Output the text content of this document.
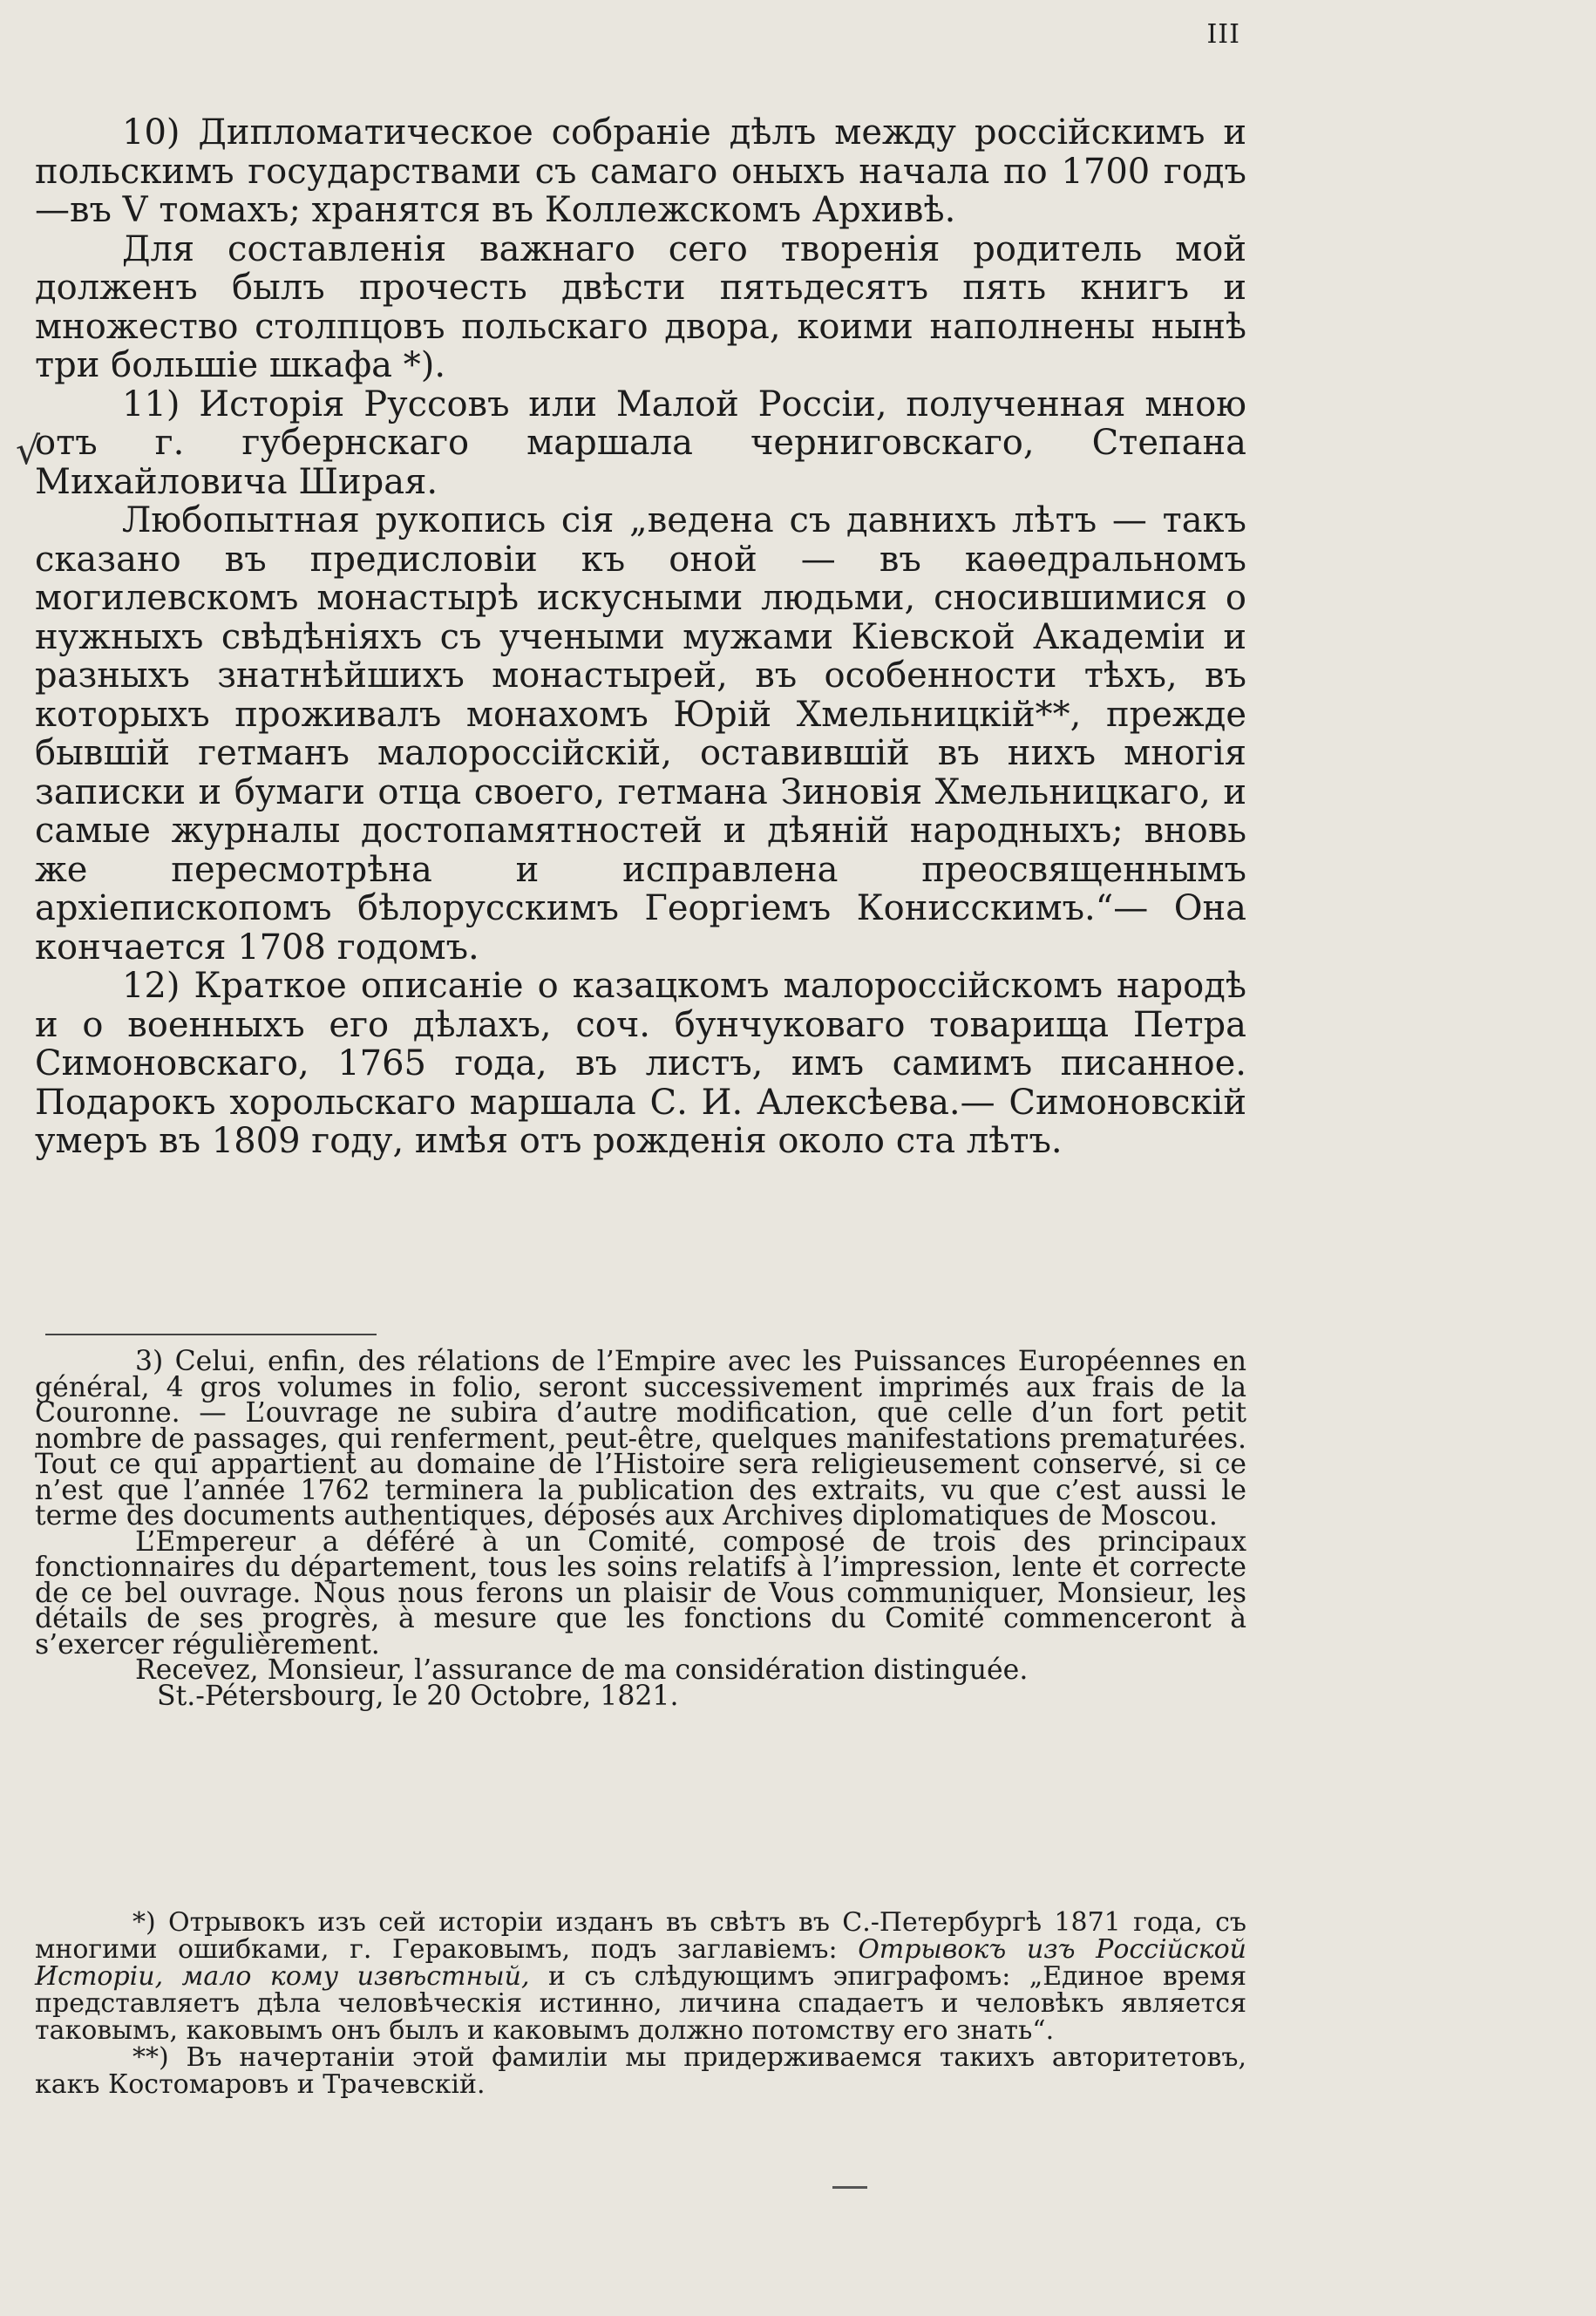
III
√

10) Дипломатическое собраніе дѣлъ между россійскимъ и польскимъ государствами съ самаго оныхъ начала по 1700 годъ—въ V томахъ; хранятся въ Коллежскомъ Архивѣ.

Для составленія важнаго сего творенія родитель мой долженъ былъ прочесть двѣсти пятьдесятъ пять книгъ и множество столпцовъ польскаго двора, коими наполнены нынѣ три большіе шкафа *).

11) Исторія Руссовъ или Малой Россіи, полученная мною отъ г. губернскаго маршала черниговскаго, Степана Михайловича Ширая.

Любопытная рукопись сія „ведена съ давнихъ лѣтъ — такъ сказано въ предисловіи къ оной — въ каѳедральномъ могилевскомъ монастырѣ искусными людьми, сносившимися о нужныхъ свѣдѣніяхъ съ учеными мужами Кіевской Академіи и разныхъ знатнѣйшихъ монастырей, въ особенности тѣхъ, въ которыхъ проживалъ монахомъ Юрій Хмельницкій**, прежде бывшій гетманъ малороссійскій, оставившій въ нихъ многія записки и бумаги отца своего, гетмана Зиновія Хмельницкаго, и самые журналы достопамятностей и дѣяній народныхъ; вновь же пересмотрѣна и исправлена преосвященнымъ архіепископомъ бѣлорусскимъ Георгіемъ Конисскимъ.“— Она кончается 1708 годомъ.

12) Краткое описаніе о казацкомъ малороссійскомъ народѣ и о военныхъ его дѣлахъ, соч. бунчуковаго товарища Петра Симоновскаго, 1765 года, въ листъ, имъ самимъ писанное. Подарокъ хорольскаго маршала С. И. Алексѣева.— Симоновскій умеръ въ 1809 году, имѣя отъ рожденія около ста лѣтъ.

3) Celui, enfin, des rélations de l’Empire avec les Puissances Européennes en général, 4 gros volumes in folio, seront successivement imprimés aux frais de la Couronne. — L’ouvrage ne subira d’autre modification, que celle d’un fort petit nombre de passages, qui renferment, peut-être, quelques manifestations prematurées. Tout ce qui appartient au domaine de l’Histoire sera religieusement conservé, si ce n’est que l’année 1762 terminera la publication des extraits, vu que c’est aussi le terme des documents authentiques, déposés aux Archives diplomatiques de Moscou.

L’Empereur a déféré à un Comité, composé de trois des principaux fonctionnaires du département, tous les soins relatifs à l’impression, lente et correcte de ce bel ouvrage. Nous nous ferons un plaisir de Vous communiquer, Monsieur, les détails de ses progrès, à mesure que les fonctions du Comité commenceront à s’exercer régulièrement.

Recevez, Monsieur, l’assurance de ma considération distinguée.

St.-Pétersbourg, le 20 Octobre, 1821.

*) Отрывокъ изъ сей исторіи изданъ въ свѣтъ въ С.-Петербургѣ 1871 года, съ многими ошибками, г. Гераковымъ, подъ заглавіемъ: Отрывокъ изъ Россійской Исторіи, мало кому извѣстный, и съ слѣдующимъ эпиграфомъ: „Единое время представляетъ дѣла человѣческія истинно, личина спадаетъ и человѣкъ является таковымъ, каковымъ онъ былъ и каковымъ должно потомству его знать“.

**) Въ начертаніи этой фамиліи мы придерживаемся такихъ авторитетовъ, какъ Костомаровъ и Трачевскій.
